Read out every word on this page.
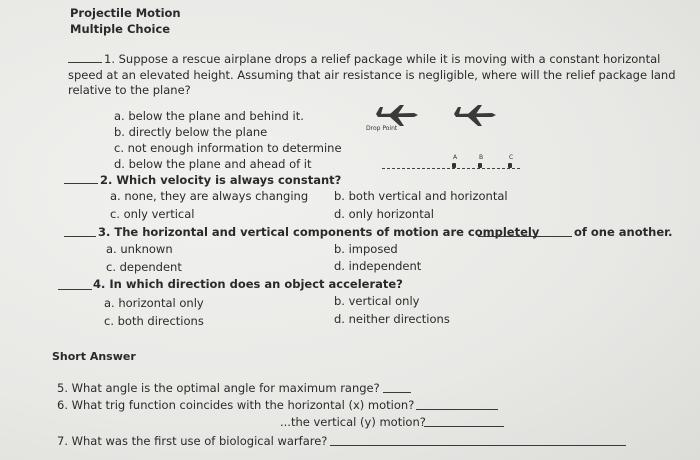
Projectile Motion
Multiple Choice
1. Suppose a rescue airplane drops a relief package while it is moving with a constant horizontal
speed at an elevated height. Assuming that air resistance is negligible, where will the relief package land
relative to the plane?
a. below the plane and behind it.
b. directly below the plane
c. not enough information to determine
d. below the plane and ahead of it
Drop Point
A	B	C
2. Which velocity is always constant?
a. none, they are always changing b. both vertical and horizontal
c. only vertical	d. only horizontal
3. The horizontal and vertical components of motion are completely	of one another.
a. unknown	b. imposed
c. dependent	d. independent
4. In which direction does an object accelerate?
a. horizontal only	b. vertical only
c. both directions	d. neither directions
Short Answer
5. What angle is the optimal angle for maximum range?
6. What trig function coincides with the horizontal (x) motion?
...the vertical (y) motion?
7. What was the first use of biological warfare?
